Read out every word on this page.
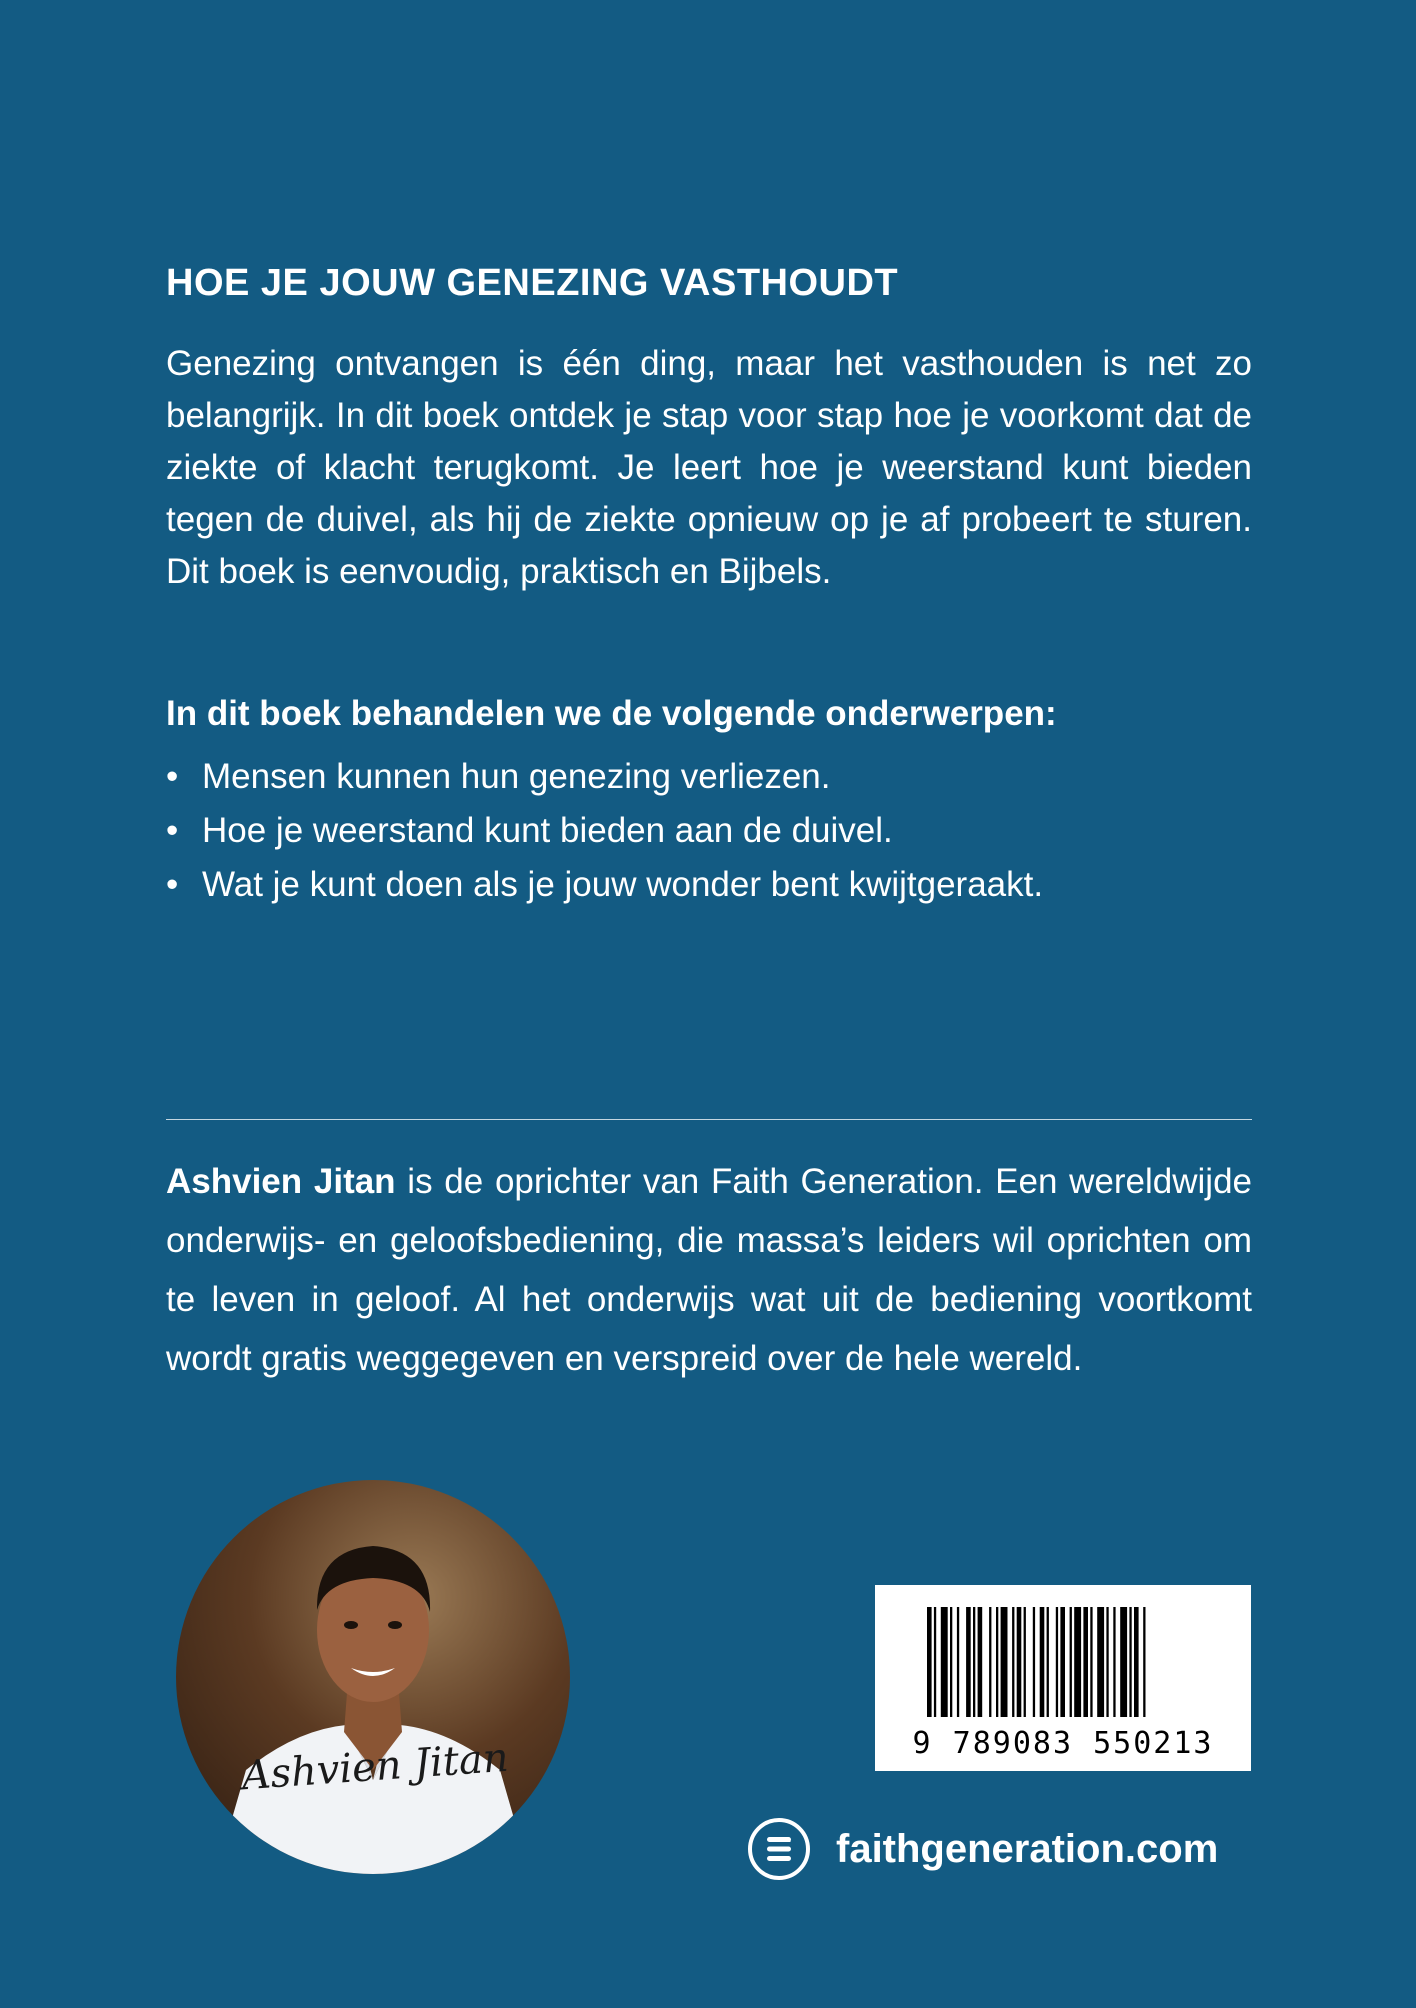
HOE JE JOUW GENEZING VASTHOUDT

Genezing ontvangen is één ding, maar het vasthouden is net zo belangrijk. In dit boek ontdek je stap voor stap hoe je voorkomt dat de ziekte of klacht terugkomt. Je leert hoe je weerstand kunt bieden tegen de duivel, als hij de ziekte opnieuw op je af probeert te sturen. Dit boek is eenvoudig, praktisch en Bijbels.

In dit boek behandelen we de volgende onderwerpen:

• Mensen kunnen hun genezing verliezen.
• Hoe je weerstand kunt bieden aan de duivel.
• Wat je kunt doen als je jouw wonder bent kwijtgeraakt.

Ashvien Jitan is de oprichter van Faith Generation. Een wereldwijde onderwijs- en geloofsbediening, die massa’s leiders wil oprichten om te leven in geloof. Al het onderwijs wat uit de bediening voortkomt wordt gratis weggegeven en verspreid over de hele wereld.

Ashvien Jitan	9 789083 550213
faithgeneration.com
